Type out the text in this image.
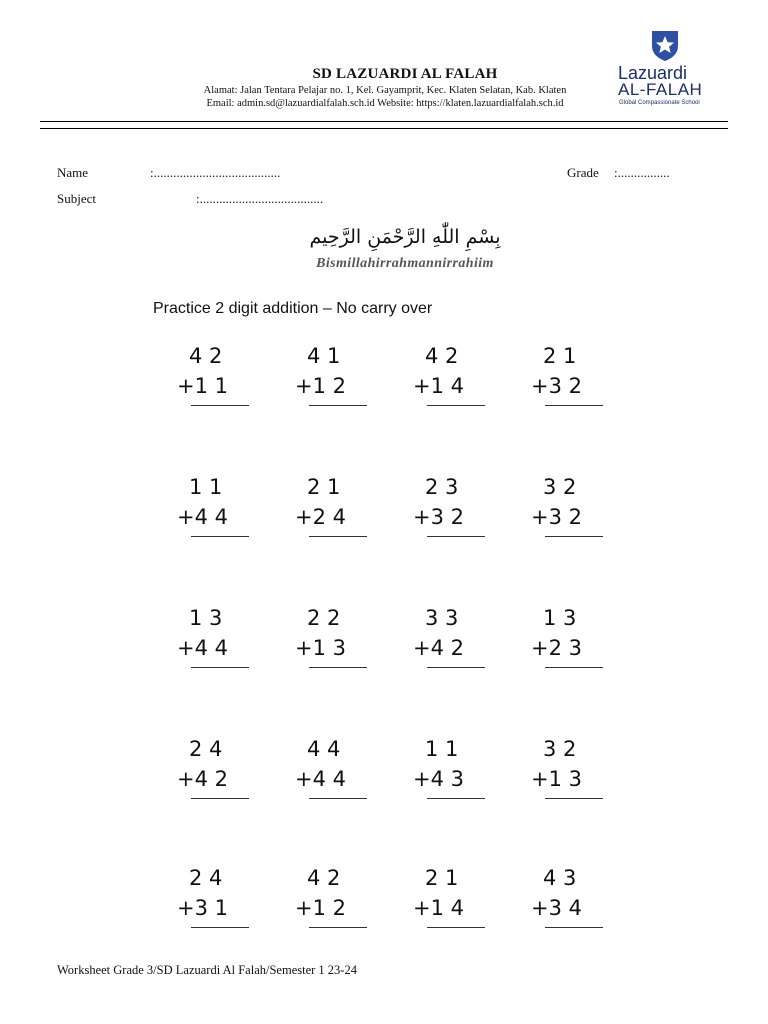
SD LAZUARDI AL FALAH
Alamat: Jalan Tentara Pelajar no. 1, Kel. Gayamprit, Kec. Klaten Selatan, Kab. Klaten
Email: admin.sd@lazuardialfalah.sch.id Website: https://klaten.lazuardialfalah.sch.id
Lazuardi
AL-FALAH
Global Compassionate School
Name	:.......................................	Grade :................
Subject	:......................................
بِسْمِ اللّٰهِ الرَّحْمَنِ الرَّحِيم
Bismillahirrahmannirrahiim
Practice 2 digit addition – No carry over
4 2
+1 1
4 1
+1 2
4 2
+1 4
2 1
+3 2
1 1
+4 4
2 1
+2 4
2 3
+3 2
3 2
+3 2
1 3
+4 4
2 2
+1 3
3 3
+4 2
1 3
+2 3
2 4
+4 2
4 4
+4 4
1 1
+4 3
3 2
+1 3
2 4
+3 1
4 2
+1 2
2 1
+1 4
4 3
+3 4
Worksheet Grade 3/SD Lazuardi Al Falah/Semester 1 23-24
